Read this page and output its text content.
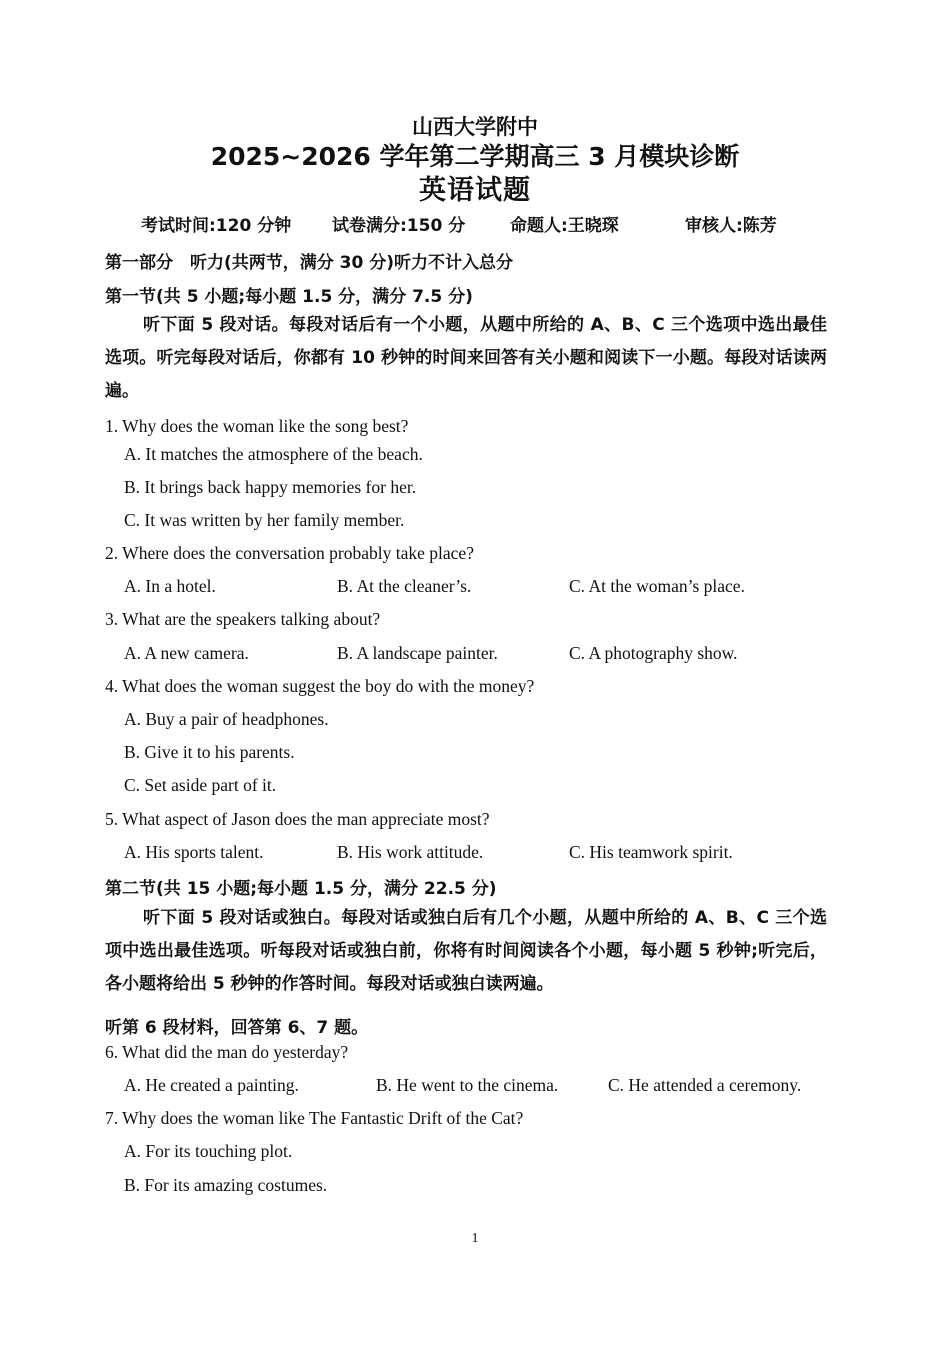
山西大学附中
2025~2026 学年第二学期高三 3 月模块诊断
英语试题
考试时间:120 分钟 试卷满分:150 分	命题人:王晓琛	审核人:陈芳
第一部分　听力(共两节，满分 30 分)听力不计入总分
第一节(共 5 小题;每小题 1.5 分，满分 7.5 分)
听下面 5 段对话。每段对话后有一个小题，从题中所给的 A、B、C 三个选项中选出最佳选项。听完每段对话后，你都有 10 秒钟的时间来回答有关小题和阅读下一小题。每段对话读两遍。
1. Why does the woman like the song best?
A. It matches the atmosphere of the beach.
B. It brings back happy memories for her.
C. It was written by her family member.
2. Where does the conversation probably take place?
A. In a hotel.	B. At the cleaner’s.	C. At the woman’s place.
3. What are the speakers talking about?
A. A new camera.	B. A landscape painter.	C. A photography show.
4. What does the woman suggest the boy do with the money?
A. Buy a pair of headphones.
B. Give it to his parents.
C. Set aside part of it.
5. What aspect of Jason does the man appreciate most?
A. His sports talent.	B. His work attitude.	C. His teamwork spirit.
第二节(共 15 小题;每小题 1.5 分，满分 22.5 分)
听下面 5 段对话或独白。每段对话或独白后有几个小题，从题中所给的 A、B、C 三个选项中选出最佳选项。听每段对话或独白前，你将有时间阅读各个小题，每小题 5 秒钟;听完后，各小题将给出 5 秒钟的作答时间。每段对话或独白读两遍。
听第 6 段材料，回答第 6、7 题。
6. What did the man do yesterday?
A. He created a painting.	B. He went to the cinema.	C. He attended a ceremony.
7. Why does the woman like The Fantastic Drift of the Cat?
A. For its touching plot.
B. For its amazing costumes.
1
